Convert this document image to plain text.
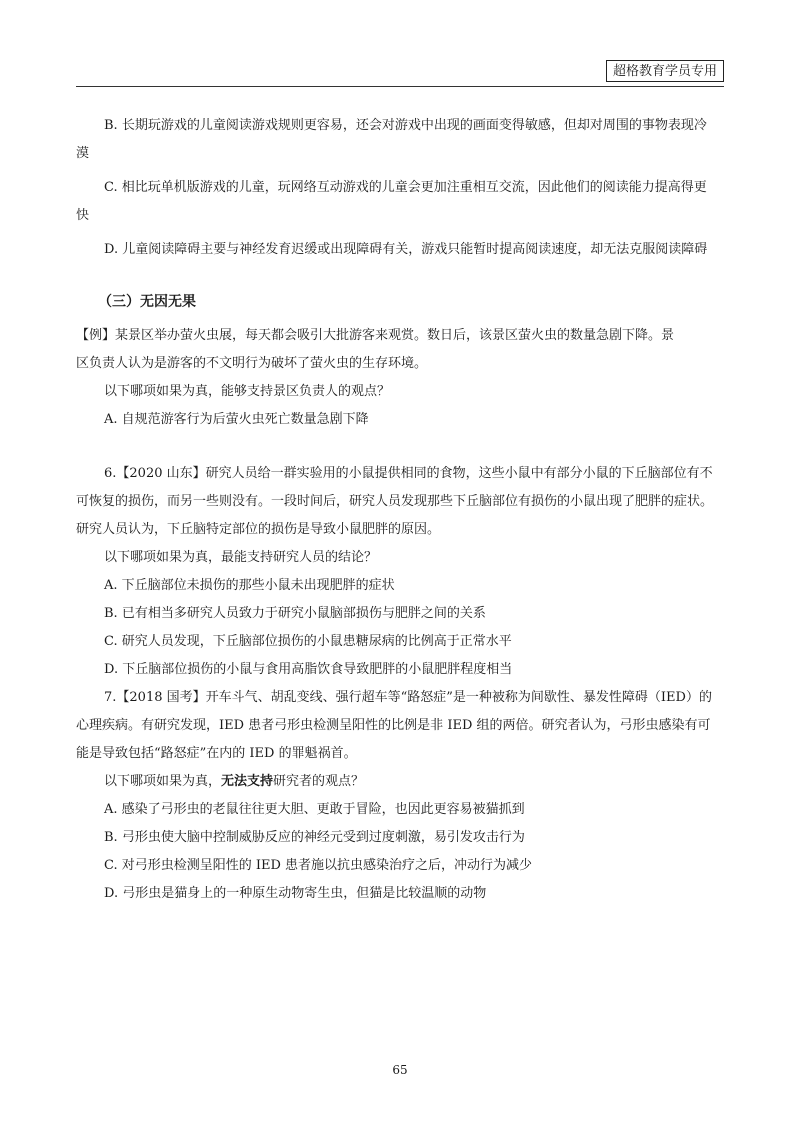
超格教育学员专用

B. 长期玩游戏的儿童阅读游戏规则更容易，还会对游戏中出现的画面变得敏感，但却对周围的事物表现冷

漠

C. 相比玩单机版游戏的儿童，玩网络互动游戏的儿童会更加注重相互交流，因此他们的阅读能力提高得更

快

D. 儿童阅读障碍主要与神经发育迟缓或出现障碍有关，游戏只能暂时提高阅读速度，却无法克服阅读障碍

（三）无因无果

【例】某景区举办萤火虫展，每天都会吸引大批游客来观赏。数日后，该景区萤火虫的数量急剧下降。景

区负责人认为是游客的不文明行为破坏了萤火虫的生存环境。

以下哪项如果为真，能够支持景区负责人的观点？

A. 自规范游客行为后萤火虫死亡数量急剧下降

6.【2020 山东】研究人员给一群实验用的小鼠提供相同的食物，这些小鼠中有部分小鼠的下丘脑部位有不

可恢复的损伤，而另一些则没有。一段时间后，研究人员发现那些下丘脑部位有损伤的小鼠出现了肥胖的症状。

研究人员认为，下丘脑特定部位的损伤是导致小鼠肥胖的原因。

以下哪项如果为真，最能支持研究人员的结论？

A. 下丘脑部位未损伤的那些小鼠未出现肥胖的症状

B. 已有相当多研究人员致力于研究小鼠脑部损伤与肥胖之间的关系

C. 研究人员发现，下丘脑部位损伤的小鼠患糖尿病的比例高于正常水平

D. 下丘脑部位损伤的小鼠与食用高脂饮食导致肥胖的小鼠肥胖程度相当

7.【2018 国考】开车斗气、胡乱变线、强行超车等“路怒症”是一种被称为间歇性、暴发性障碍（IED）的

心理疾病。有研究发现，IED 患者弓形虫检测呈阳性的比例是非 IED 组的两倍。研究者认为，弓形虫感染有可

能是导致包括“路怒症”在内的 IED 的罪魁祸首。

以下哪项如果为真，无法支持研究者的观点？

A. 感染了弓形虫的老鼠往往更大胆、更敢于冒险，也因此更容易被猫抓到

B. 弓形虫使大脑中控制威胁反应的神经元受到过度刺激，易引发攻击行为

C. 对弓形虫检测呈阳性的 IED 患者施以抗虫感染治疗之后，冲动行为减少

D. 弓形虫是猫身上的一种原生动物寄生虫，但猫是比较温顺的动物

65
